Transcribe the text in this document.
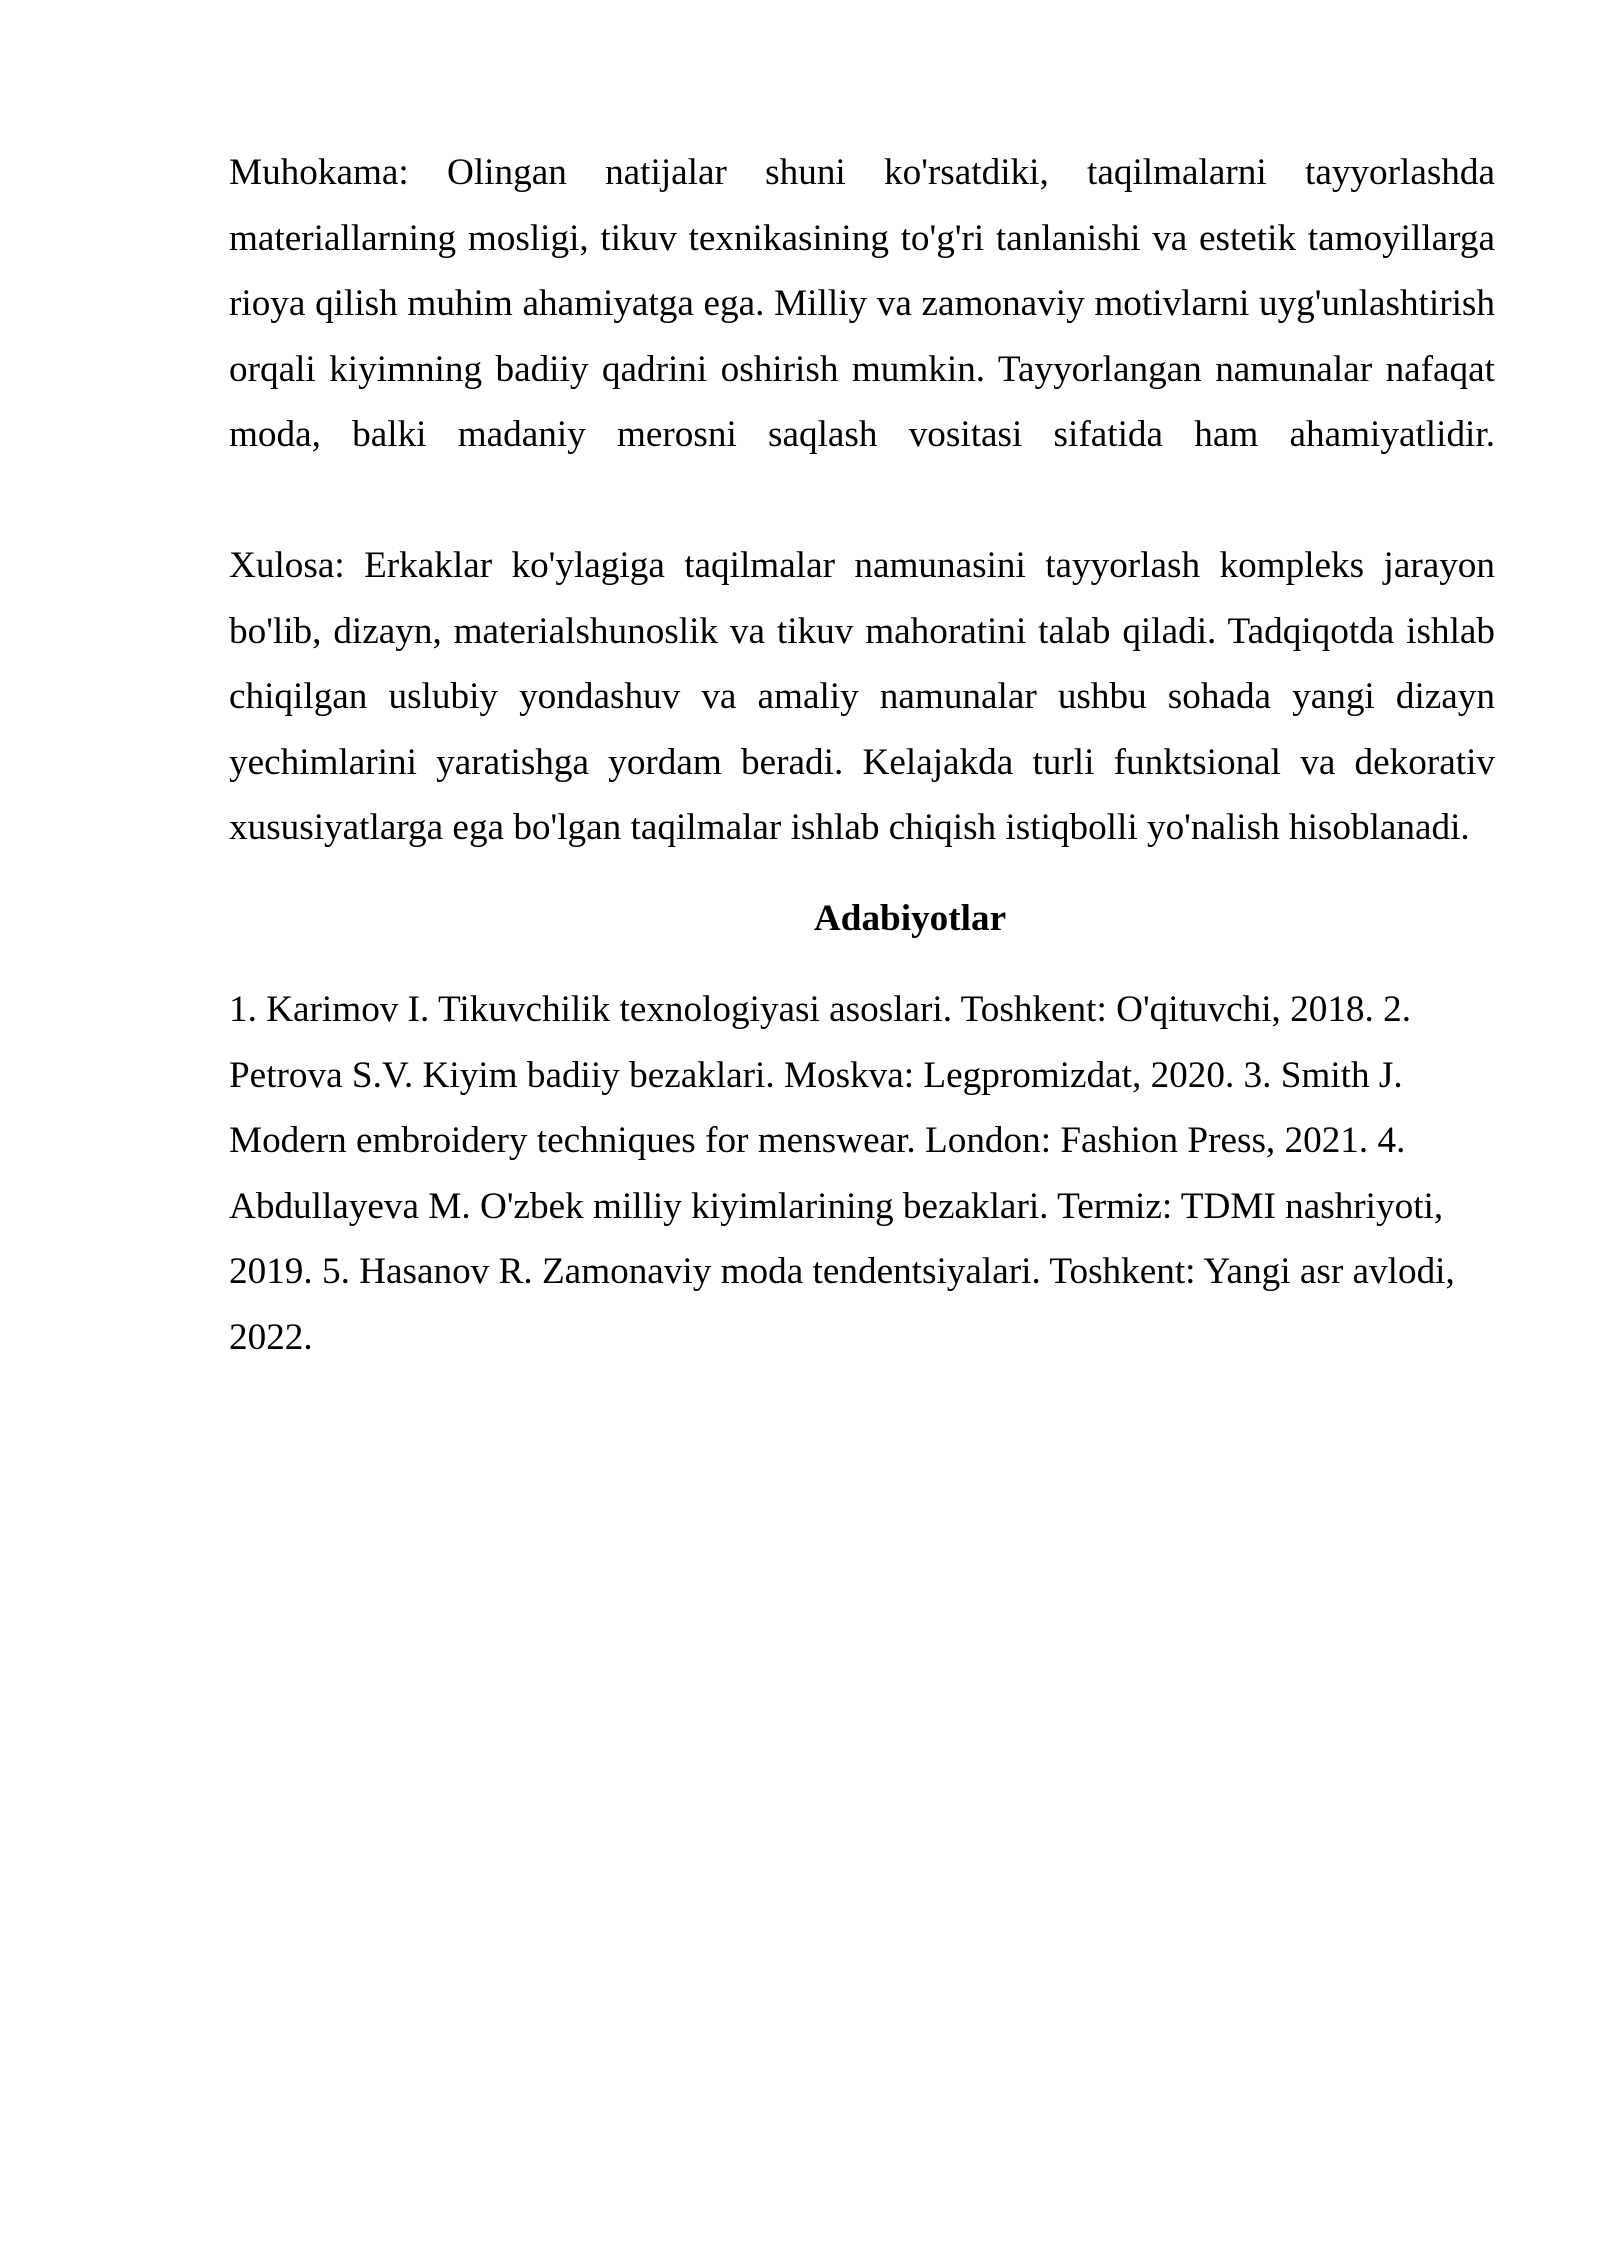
Muhokama: Olingan natijalar shuni ko'rsatdiki, taqilmalarni tayyorlashda
materiallarning mosligi, tikuv texnikasining to'g'ri tanlanishi va estetik tamoyillarga
rioya qilish muhim ahamiyatga ega. Milliy va zamonaviy motivlarni uyg'unlashtirish
orqali kiyimning badiiy qadrini oshirish mumkin. Tayyorlangan namunalar nafaqat
moda, balki madaniy merosni saqlash vositasi sifatida ham ahamiyatlidir.
Xulosa: Erkaklar ko'ylagiga taqilmalar namunasini tayyorlash kompleks jarayon
bo'lib, dizayn, materialshunoslik va tikuv mahoratini talab qiladi. Tadqiqotda ishlab
chiqilgan uslubiy yondashuv va amaliy namunalar ushbu sohada yangi dizayn
yechimlarini yaratishga yordam beradi. Kelajakda turli funktsional va dekorativ
xususiyatlarga ega bo'lgan taqilmalar ishlab chiqish istiqbolli yo'nalish hisoblanadi.
Adabiyotlar
1. Karimov I. Tikuvchilik texnologiyasi asoslari. Toshkent: O'qituvchi, 2018. 2.
Petrova S.V. Kiyim badiiy bezaklari. Moskva: Legpromizdat, 2020. 3. Smith J.
Modern embroidery techniques for menswear. London: Fashion Press, 2021. 4.
Abdullayeva M. O'zbek milliy kiyimlarining bezaklari. Termiz: TDMI nashriyoti,
2019. 5. Hasanov R. Zamonaviy moda tendentsiyalari. Toshkent: Yangi asr avlodi,
2022.
